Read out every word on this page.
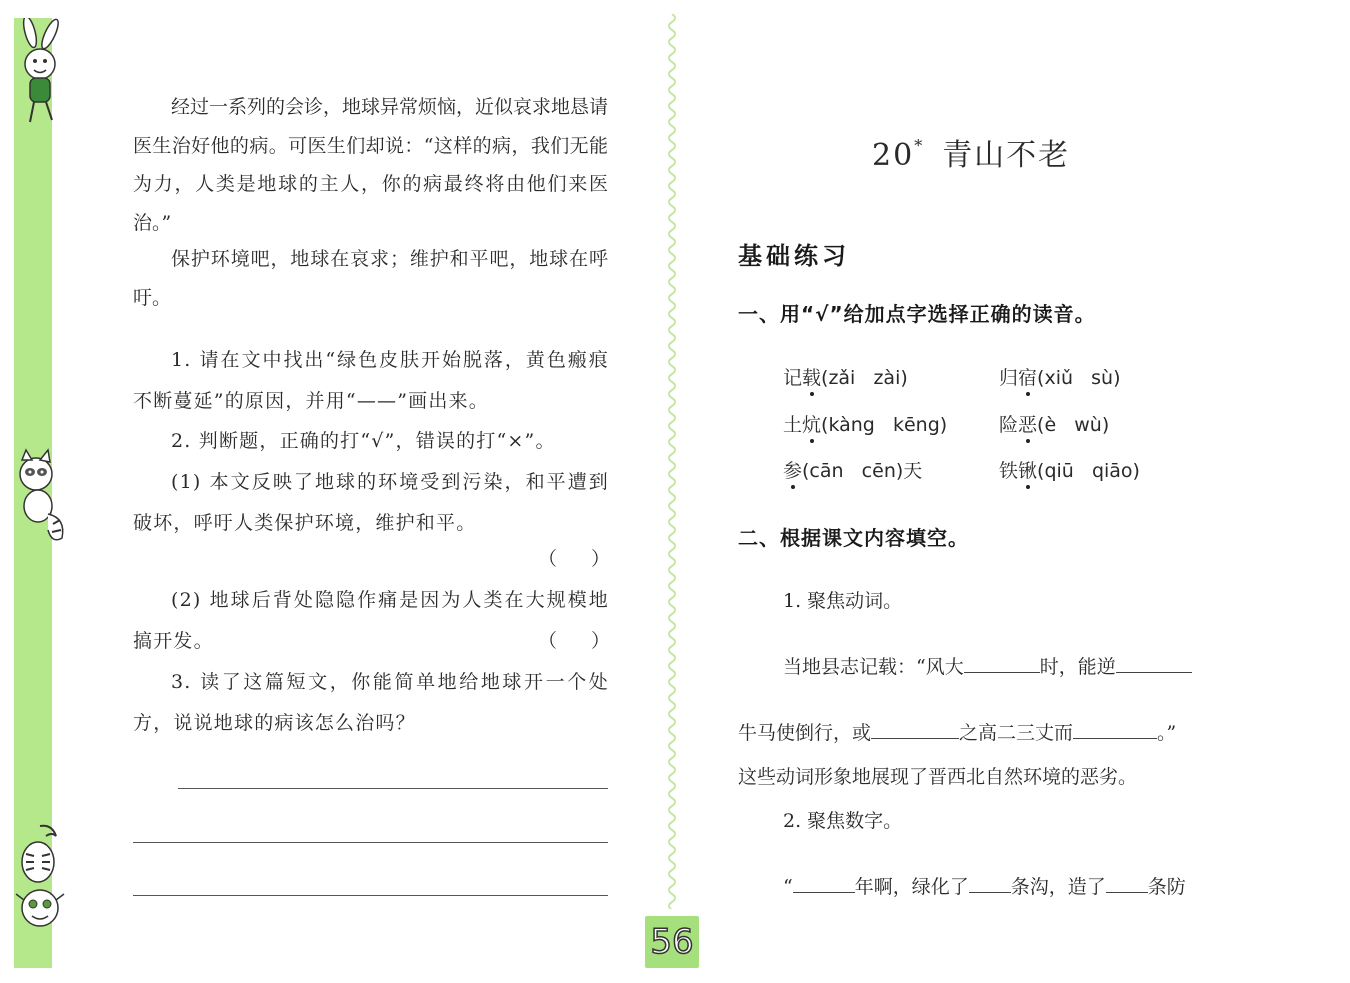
经过一系列的会诊，地球异常烦恼，近似哀求地恳请医生治好他的病。可医生们却说：“这样的病，我们无能为力，人类是地球的主人，你的病最终将由他们来医治。”

保护环境吧，地球在哀求；维护和平吧，地球在呼吁。

1. 请在文中找出“绿色皮肤开始脱落，黄色瘢痕不断蔓延”的原因，并用“——”画出来。

2. 判断题，正确的打“√”，错误的打“×”。

(1) 本文反映了地球的环境受到污染，和平遭到破坏，呼吁人类保护环境，维护和平。

（ ）

(2) 地球后背处隐隐作痛是因为人类在大规模地搞开发。	（ ）

3. 读了这篇短文，你能简单地给地球开一个处方，说说地球的病该怎么治吗？

56
20* 青山不老
基础练习
一、用“√”给加点字选择正确的读音。
记载(zǎi   zài)	归宿(xiǔ   sù)
土炕(kàng   kēng)	险恶(è   wù)
参(cān   cēn)天	铁锹(qiū   qiāo)
二、根据课文内容填空。
1. 聚焦动词。
当地县志记载：“风大	时，能逆
牛马使倒行，或	之高二三丈而	。”
这些动词形象地展现了晋西北自然环境的恶劣。
2. 聚焦数字。
“	年啊，绿化了 条沟，造了 条防
